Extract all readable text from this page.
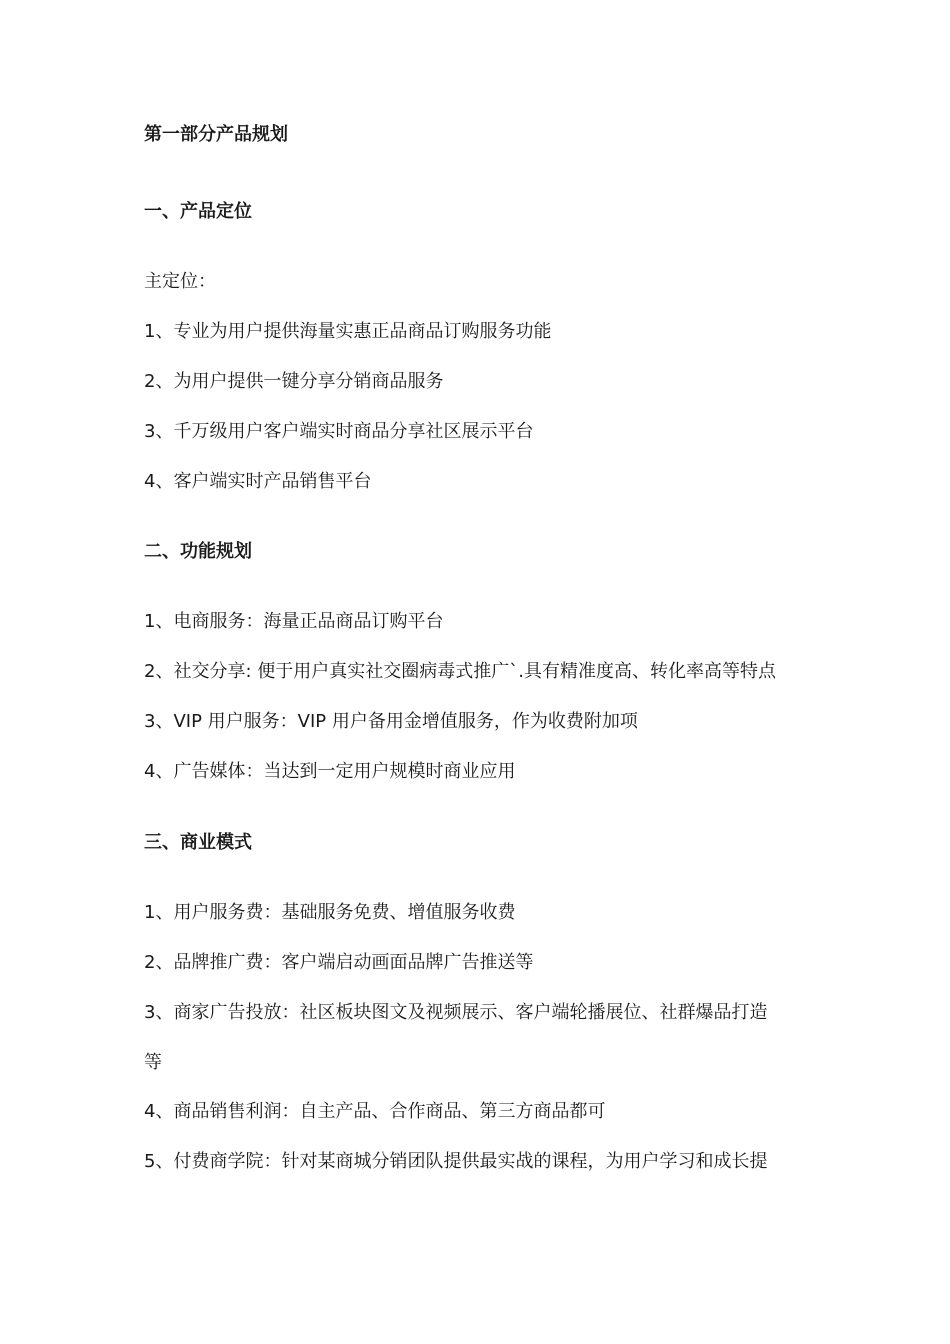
第一部分产品规划
一、产品定位
主定位：
1、专业为用户提供海量实惠正品商品订购服务功能
2、为用户提供一键分享分销商品服务
3、千万级用户客户端实时商品分享社区展示平台
4、客户端实时产品销售平台
二、功能规划
1、电商服务：海量正品商品订购平台
2、社交分享: 便于用户真实社交圈病毒式推广`.具有精准度高、转化率高等特点
3、VIP 用户服务：VIP 用户备用金增值服务，作为收费附加项
4、广告媒体：当达到一定用户规模时商业应用
三、商业模式
1、用户服务费：基础服务免费、增值服务收费
2、品牌推广费：客户端启动画面品牌广告推送等
3、商家广告投放：社区板块图文及视频展示、客户端轮播展位、社群爆品打造
等
4、商品销售利润：自主产品、合作商品、第三方商品都可
5、付费商学院：针对某商城分销团队提供最实战的课程，为用户学习和成长提
